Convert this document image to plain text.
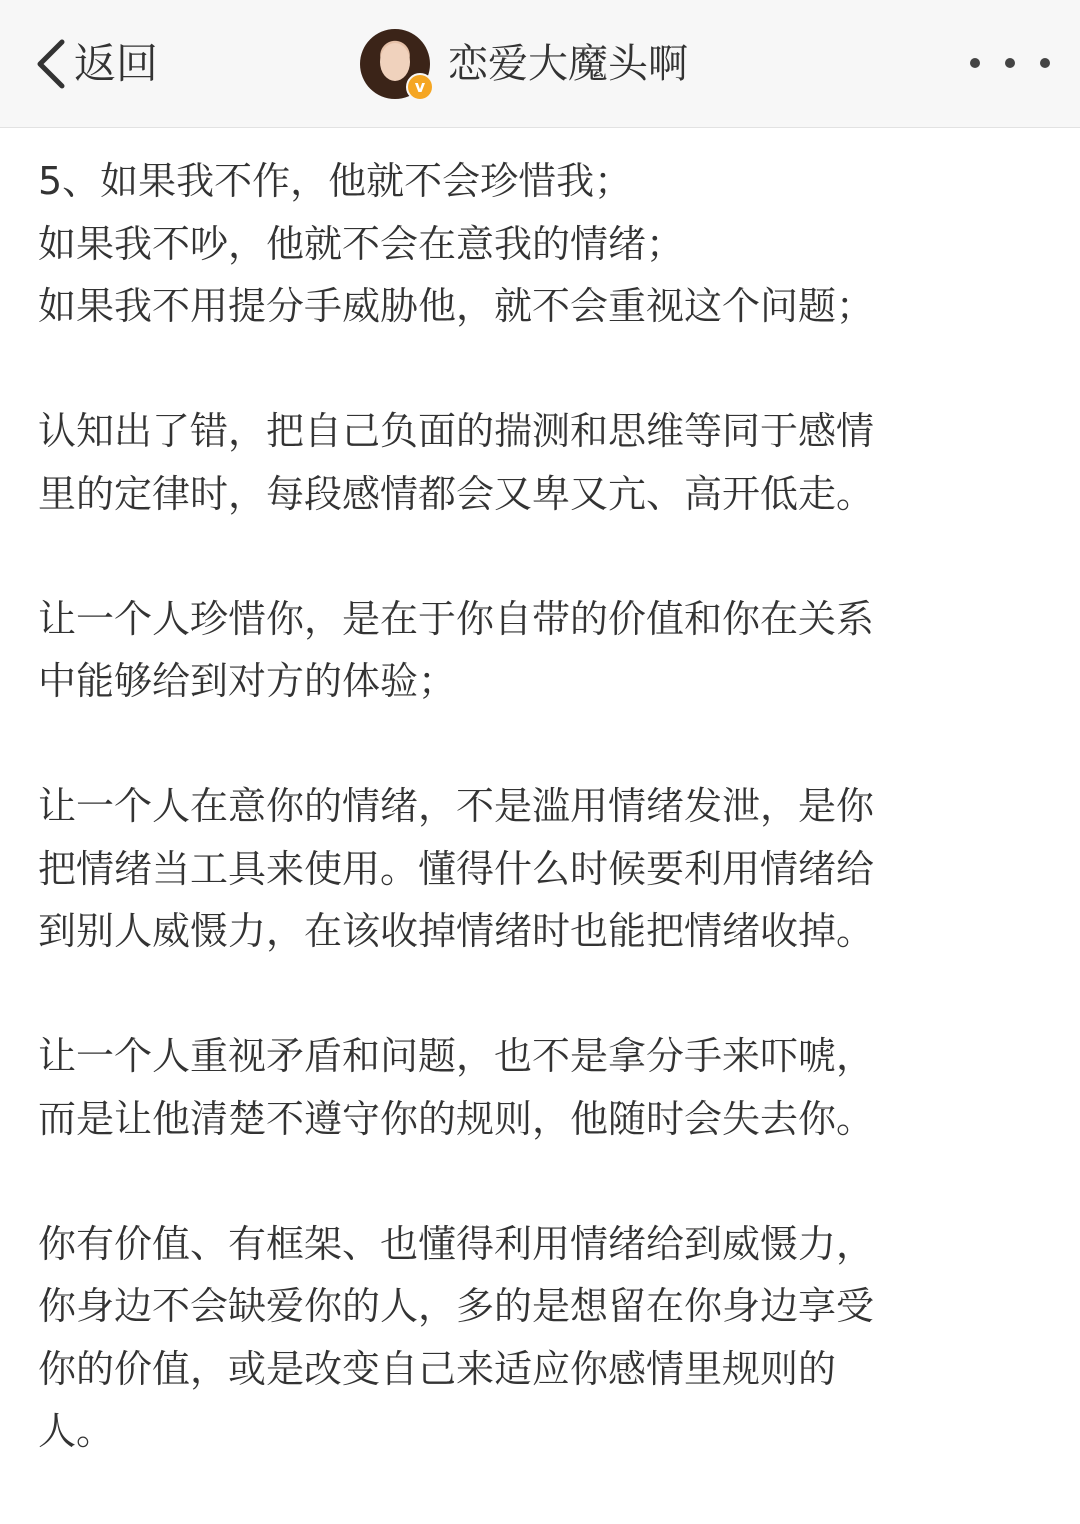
返回	v 恋爱大魔头啊
5、如果我不作，他就不会珍惜我；
如果我不吵，他就不会在意我的情绪；
如果我不用提分手威胁他，就不会重视这个问题；
认知出了错，把自己负面的揣测和思维等同于感情
里的定律时，每段感情都会又卑又亢、高开低走。
让一个人珍惜你，是在于你自带的价值和你在关系
中能够给到对方的体验；
让一个人在意你的情绪，不是滥用情绪发泄，是你
把情绪当工具来使用。懂得什么时候要利用情绪给
到别人威慑力，在该收掉情绪时也能把情绪收掉。
让一个人重视矛盾和问题，也不是拿分手来吓唬，
而是让他清楚不遵守你的规则，他随时会失去你。
你有价值、有框架、也懂得利用情绪给到威慑力，
你身边不会缺爱你的人，多的是想留在你身边享受
你的价值，或是改变自己来适应你感情里规则的
人。
